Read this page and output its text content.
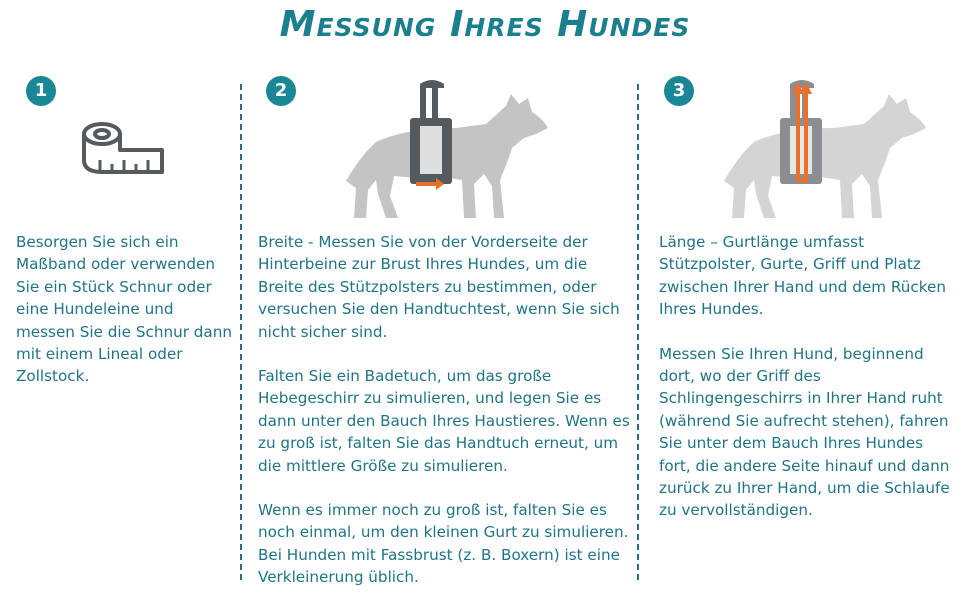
Messung Ihres Hundes
1

Besorgen Sie sich ein Maßband oder verwenden Sie ein Stück Schnur oder eine Hundeleine und messen Sie die Schnur dann mit einem Lineal oder Zollstock.

2

Breite - Messen Sie von der Vorderseite der Hinterbeine zur Brust Ihres Hundes, um die Breite des Stützpolsters zu bestimmen, oder versuchen Sie den Handtuchtest, wenn Sie sich nicht sicher sind.

Falten Sie ein Badetuch, um das große Hebegeschirr zu simulieren, und legen Sie es dann unter den Bauch Ihres Haustieres. Wenn es zu groß ist, falten Sie das Handtuch erneut, um die mittlere Größe zu simulieren.

Wenn es immer noch zu groß ist, falten Sie es noch einmal, um den kleinen Gurt zu simulieren. Bei Hunden mit Fassbrust (z. B. Boxern) ist eine Verkleinerung üblich.

3

Länge – Gurtlänge umfasst Stützpolster, Gurte, Griff und Platz zwischen Ihrer Hand und dem Rücken Ihres Hundes.

Messen Sie Ihren Hund, beginnend dort, wo der Griff des Schlingengeschirrs in Ihrer Hand ruht (während Sie aufrecht stehen), fahren Sie unter dem Bauch Ihres Hundes fort, die andere Seite hinauf und dann zurück zu Ihrer Hand, um die Schlaufe zu vervollständigen.
